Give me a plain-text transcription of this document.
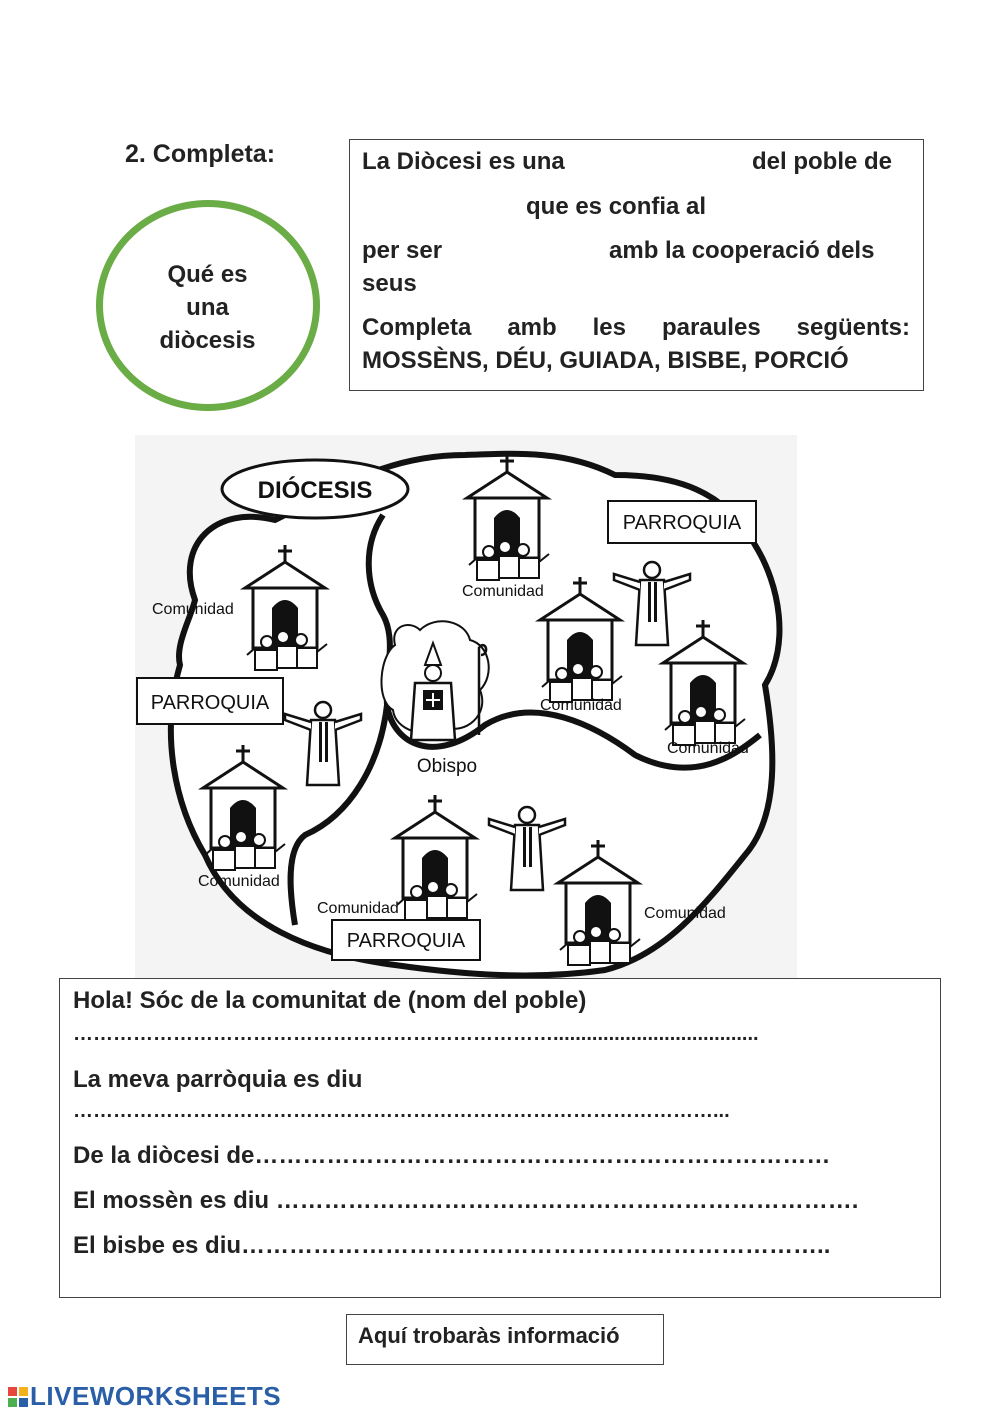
2. Completa:
Qué es
una
diòcesis
La Diòcesi es una	del poble de
que es confia al
per ser	amb la cooperació dels
seus
Completa amb les paraules següents:
MOSSÈNS, DÉU, GUIADA, BISBE, PORCIÓ
DIÓCESIS
PARROQUIA
PARROQUIA
PARROQUIA
Obispo
Comunidad
Comunidad
Comunidad
Comunidad
Comunidad
Comunidad	Comunidad
Hola! Sóc de la comunitat de (nom del poble)
……………………………………………………………….....................................
La meva parròquia es diu
……………………………………………………………………………………...
De la diòcesi de………………………………………………………………
El mossèn es diu ……………………………………………………………….
El bisbe es diu………………………………………………………………..
Aquí trobaràs informació
LIVEWORKSHEETS
